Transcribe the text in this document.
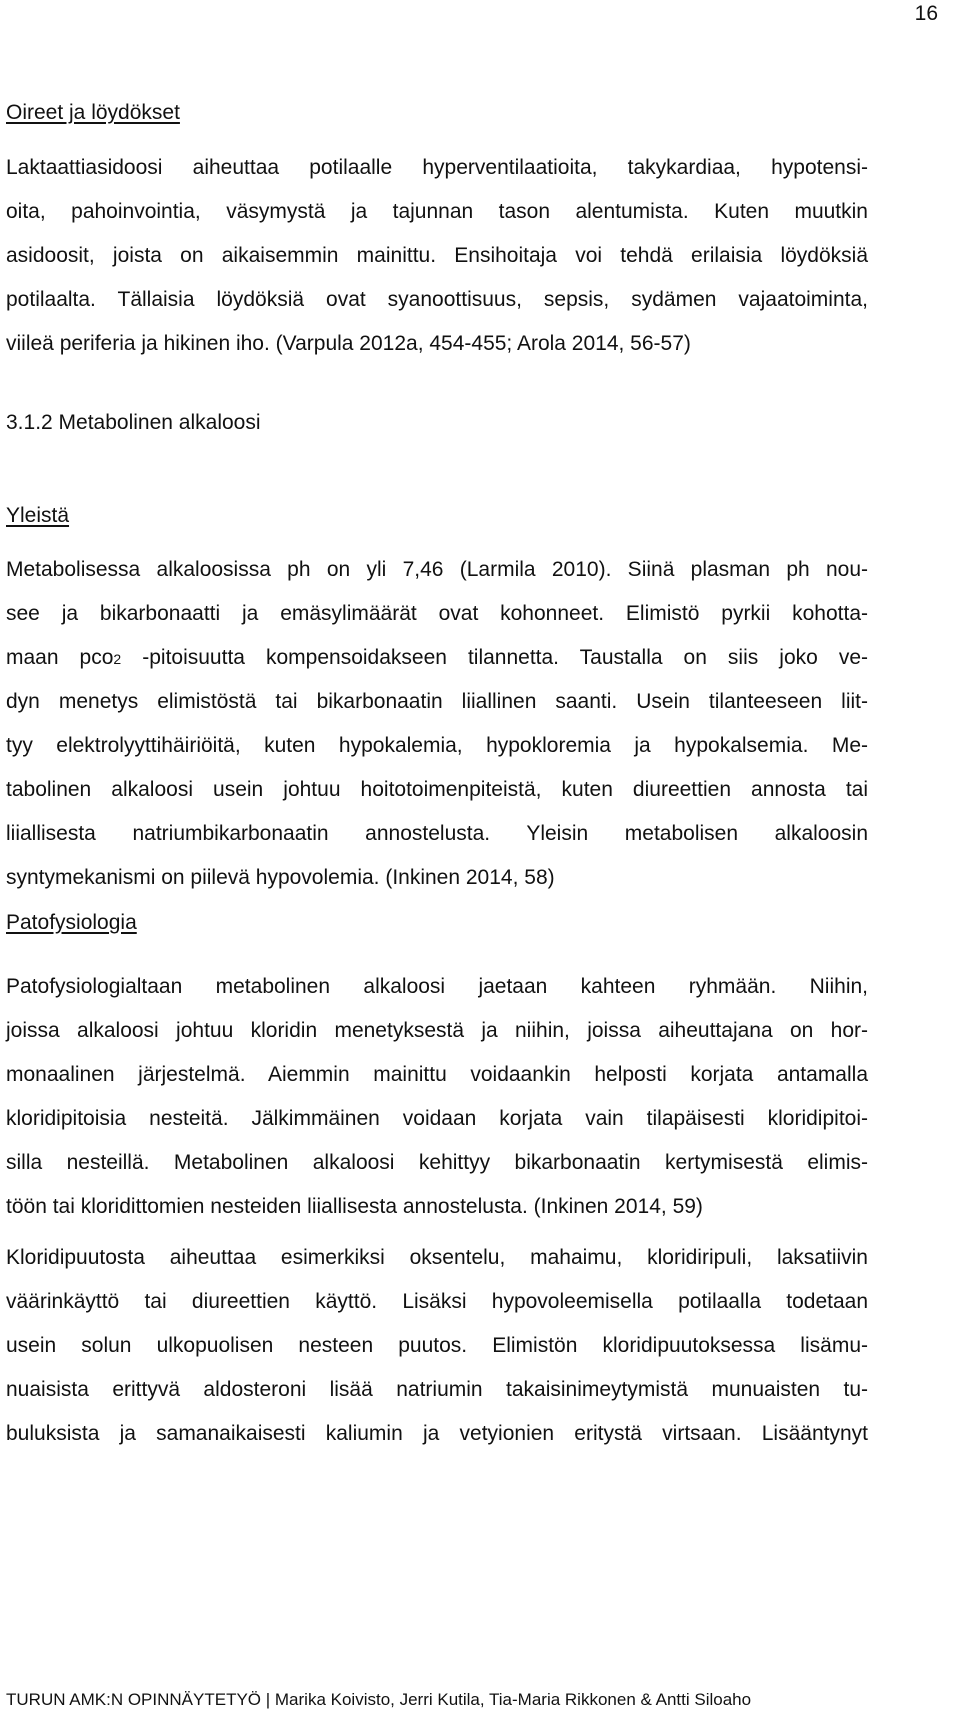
16
Oireet ja löydökset
Laktaattiasidoosi aiheuttaa potilaalle hyperventilaatioita, takykardiaa, hypotensi-
oita, pahoinvointia, väsymystä ja tajunnan tason alentumista. Kuten muutkin
asidoosit, joista on aikaisemmin mainittu. Ensihoitaja voi tehdä erilaisia löydöksiä
potilaalta. Tällaisia löydöksiä ovat syanoottisuus, sepsis, sydämen vajaatoiminta,
viileä periferia ja hikinen iho. (Varpula 2012a, 454-455; Arola 2014, 56-57)
3.1.2 Metabolinen alkaloosi
Yleistä
Metabolisessa alkaloosissa ph on yli 7,46 (Larmila 2010). Siinä plasman ph nou-
see ja bikarbonaatti ja emäsylimäärät ovat kohonneet. Elimistö pyrkii kohotta-
maan pco2 -pitoisuutta kompensoidakseen tilannetta. Taustalla on siis joko ve-
dyn menetys elimistöstä tai bikarbonaatin liiallinen saanti. Usein tilanteeseen liit-
tyy elektrolyyttihäiriöitä, kuten hypokalemia, hypokloremia ja hypokalsemia. Me-
tabolinen alkaloosi usein johtuu hoitotoimenpiteistä, kuten diureettien annosta tai
liiallisesta natriumbikarbonaatin annostelusta. Yleisin metabolisen alkaloosin
syntymekanismi on piilevä hypovolemia. (Inkinen 2014, 58)
Patofysiologia
Patofysiologialtaan metabolinen alkaloosi jaetaan kahteen ryhmään. Niihin,
joissa alkaloosi johtuu kloridin menetyksestä ja niihin, joissa aiheuttajana on hor-
monaalinen järjestelmä. Aiemmin mainittu voidaankin helposti korjata antamalla
kloridipitoisia nesteitä. Jälkimmäinen voidaan korjata vain tilapäisesti kloridipitoi-
silla nesteillä. Metabolinen alkaloosi kehittyy bikarbonaatin kertymisestä elimis-
töön tai kloridittomien nesteiden liiallisesta annostelusta. (Inkinen 2014, 59)
Kloridipuutosta aiheuttaa esimerkiksi oksentelu, mahaimu, kloridiripuli, laksatiivin
väärinkäyttö tai diureettien käyttö. Lisäksi hypovoleemisella potilaalla todetaan
usein solun ulkopuolisen nesteen puutos. Elimistön kloridipuutoksessa lisämu-
nuaisista erittyvä aldosteroni lisää natriumin takaisinimeytymistä munuaisten tu-
buluksista ja samanaikaisesti kaliumin ja vetyionien eritystä virtsaan. Lisääntynyt
TURUN AMK:N OPINNÄYTETYÖ | Marika Koivisto, Jerri Kutila, Tia-Maria Rikkonen & Antti Siloaho
